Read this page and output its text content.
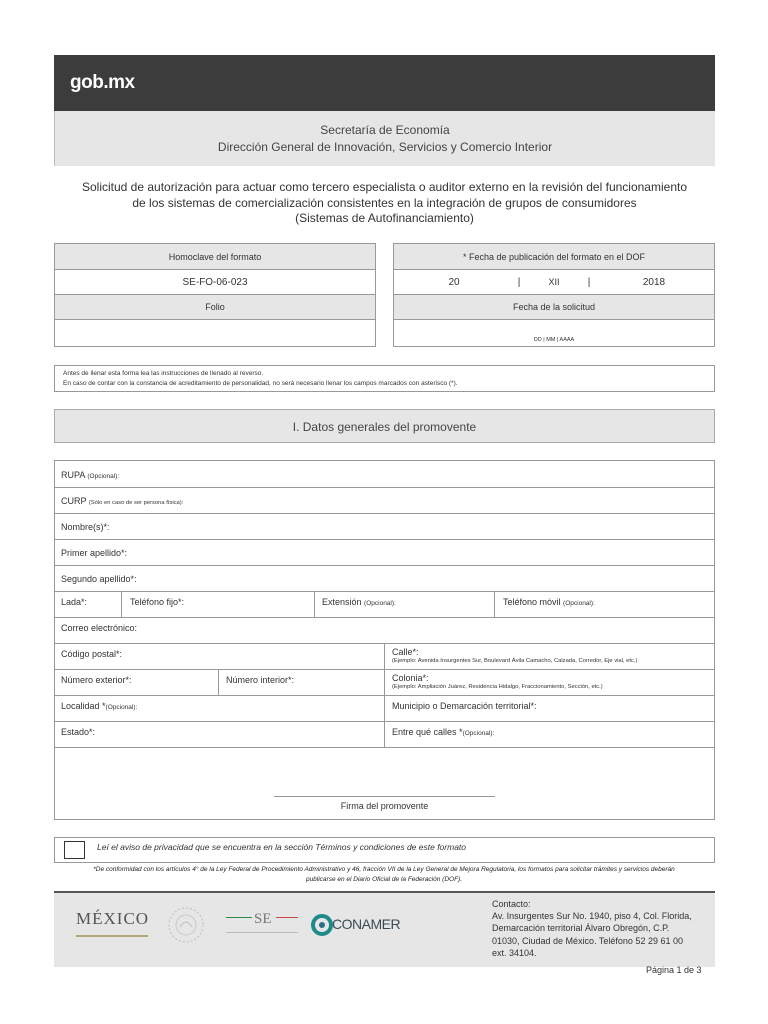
gob.mx
Secretaría de Economía
Dirección General de Innovación, Servicios y Comercio Interior
Solicitud de autorización para actuar como tercero especialista o auditor externo en la revisión del funcionamiento
de los sistemas de comercialización consistentes en la integración de grupos de consumidores
(Sistemas de Autofinanciamiento)
Homoclave del formato
SE-FO-06-023
Folio

* Fecha de publicación del formato en el DOF
20	|	XII	|	2018
Fecha de la solicitud
DD | MM | AAAA
Antes de llenar esta forma lea las instrucciones de llenado al reverso.
En caso de contar con la constancia de acreditamiento de personalidad, no será necesario llenar los campos marcados con asterisco (*).
I. Datos generales del promovente
RUPA (Opcional):
CURP (Sólo en caso de ser persona física):
Nombre(s)*:
Primer apellido*:
Segundo apellido*:
Lada*:	Teléfono fijo*:	Extensión (Opcional):	Teléfono móvil (Opcional):
Correo electrónico:
Código postal*:	Calle*:
(Ejemplo: Avenida Insurgentes Sur, Boulevard Ávila Camacho, Calzada, Corredor, Eje vial, etc.)
Número exterior*:	Número interior*:	Colonia*:
(Ejemplo: Ampliación Juárez, Residencia Hidalgo, Fraccionamiento, Sección, etc.)
Localidad *(Opcional):	Municipio o Demarcación territorial*:
Estado*:	Entre qué calles *(Opcional):
Firma del promovente
Leí el aviso de privacidad que se encuentra en la sección Términos y condiciones de este formato
*De conformidad con los artículos 4° de la Ley Federal de Procedimiento Administrativo y 46, fracción VII de la Ley General de Mejora Regulatoria, los formatos para solicitar trámites y servicios deberán
publicarse en el Diario Oficial de la Federación (DOF).
MÉXICO	SE	CONAMER
Contacto:
Av. Insurgentes Sur No. 1940, piso 4, Col. Florida,
Demarcación territorial Álvaro Obregón, C.P.
01030, Ciudad de México. Teléfono 52 29 61 00
ext. 34104.
Página 1 de 3
